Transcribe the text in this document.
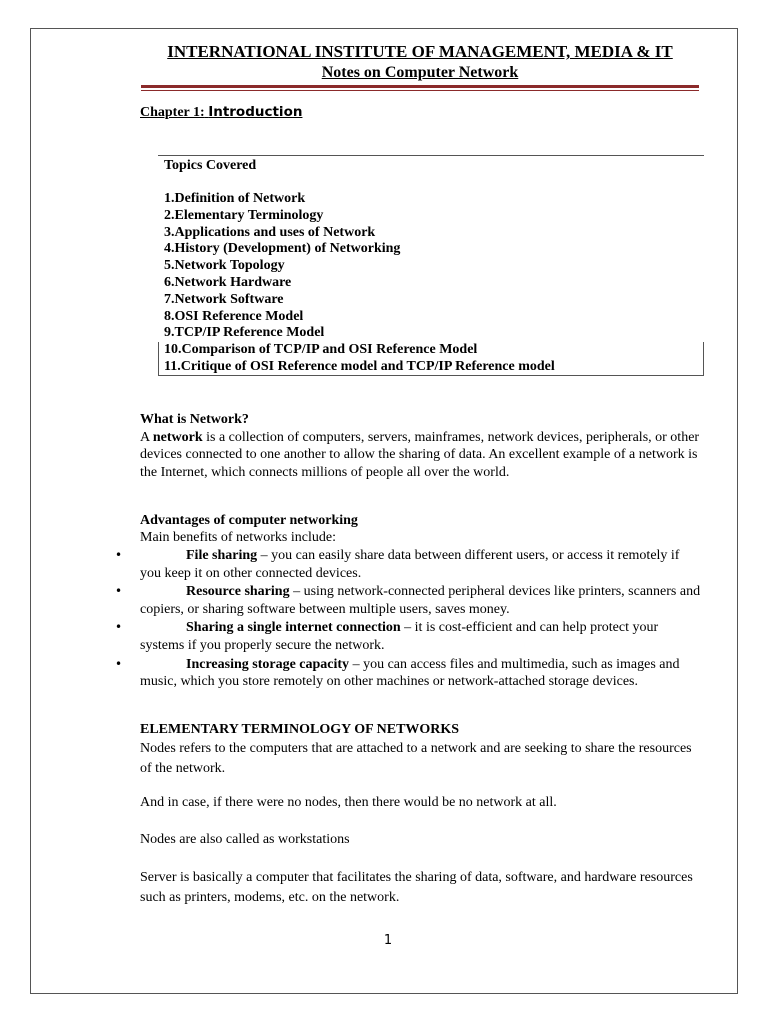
INTERNATIONAL INSTITUTE OF MANAGEMENT, MEDIA & IT
Notes on Computer Network
Chapter 1: Introduction
Topics Covered
1.Definition of Network
2.Elementary Terminology
3.Applications and uses of Network
4.History (Development) of Networking
5.Network Topology
6.Network Hardware
7.Network Software
8.OSI Reference Model
9.TCP/IP Reference Model
10.Comparison of TCP/IP and OSI Reference Model
11.Critique of OSI Reference model and TCP/IP Reference model
What is Network?
A network is a collection of computers, servers, mainframes, network devices, peripherals, or other devices connected to one another to allow the sharing of data. An excellent example of a network is the Internet, which connects millions of people all over the world.
Advantages of computer networking
Main benefits of networks include:
•	File sharing – you can easily share data between different users, or access it remotely if you keep it on other connected devices.
•	Resource sharing – using network-connected peripheral devices like printers, scanners and copiers, or sharing software between multiple users, saves money.
•	Sharing a single internet connection – it is cost-efficient and can help protect your systems if you properly secure the network.
•	Increasing storage capacity – you can access files and multimedia, such as images and music, which you store remotely on other machines or network-attached storage devices.
ELEMENTARY TERMINOLOGY OF NETWORKS
Nodes refers to the computers that are attached to a network and are seeking to share the resources of the network.
And in case, if there were no nodes, then there would be no network at all.
Nodes are also called as workstations
Server is basically a computer that facilitates the sharing of data, software, and hardware resources such as printers, modems, etc. on the network.
1
